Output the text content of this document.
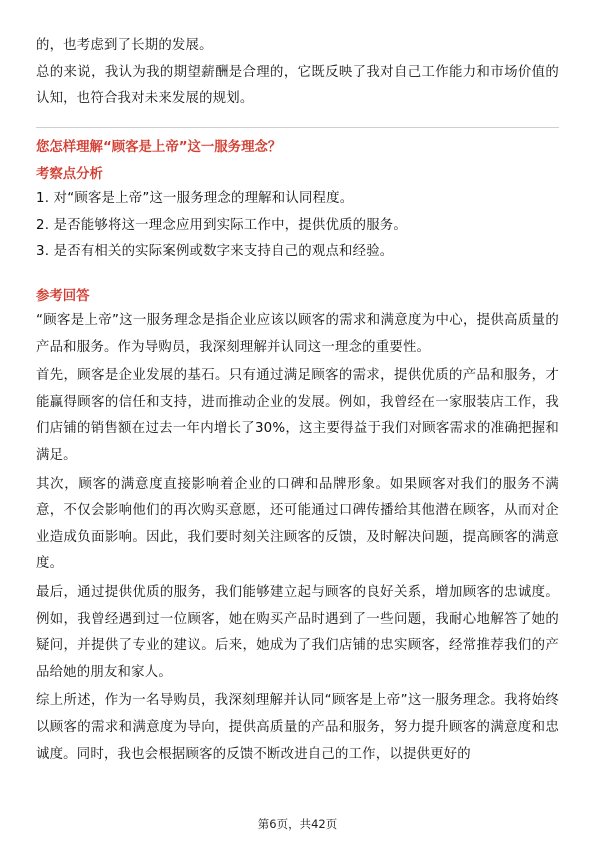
的，也考虑到了长期的发展。

总的来说，我认为我的期望薪酬是合理的，它既反映了我对自己工作能力和市场价值的认知，也符合我对未来发展的规划。

您怎样理解“顾客是上帝”这一服务理念？

考察点分析

1. 对“顾客是上帝”这一服务理念的理解和认同程度。

2. 是否能够将这一理念应用到实际工作中，提供优质的服务。

3. 是否有相关的实际案例或数字来支持自己的观点和经验。

参考回答

“顾客是上帝”这一服务理念是指企业应该以顾客的需求和满意度为中心，提供高质量的产品和服务。作为导购员，我深刻理解并认同这一理念的重要性。

首先，顾客是企业发展的基石。只有通过满足顾客的需求，提供优质的产品和服务，才能赢得顾客的信任和支持，进而推动企业的发展。例如，我曾经在一家服装店工作，我们店铺的销售额在过去一年内增长了30%，这主要得益于我们对顾客需求的准确把握和满足。

其次，顾客的满意度直接影响着企业的口碑和品牌形象。如果顾客对我们的服务不满意，不仅会影响他们的再次购买意愿，还可能通过口碑传播给其他潜在顾客，从而对企业造成负面影响。因此，我们要时刻关注顾客的反馈，及时解决问题，提高顾客的满意度。

最后，通过提供优质的服务，我们能够建立起与顾客的良好关系，增加顾客的忠诚度。例如，我曾经遇到过一位顾客，她在购买产品时遇到了一些问题，我耐心地解答了她的疑问，并提供了专业的建议。后来，她成为了我们店铺的忠实顾客，经常推荐我们的产品给她的朋友和家人。

综上所述，作为一名导购员，我深刻理解并认同“顾客是上帝”这一服务理念。我将始终以顾客的需求和满意度为导向，提供高质量的产品和服务，努力提升顾客的满意度和忠诚度。同时，我也会根据顾客的反馈不断改进自己的工作，以提供更好的

第6页，共42页
